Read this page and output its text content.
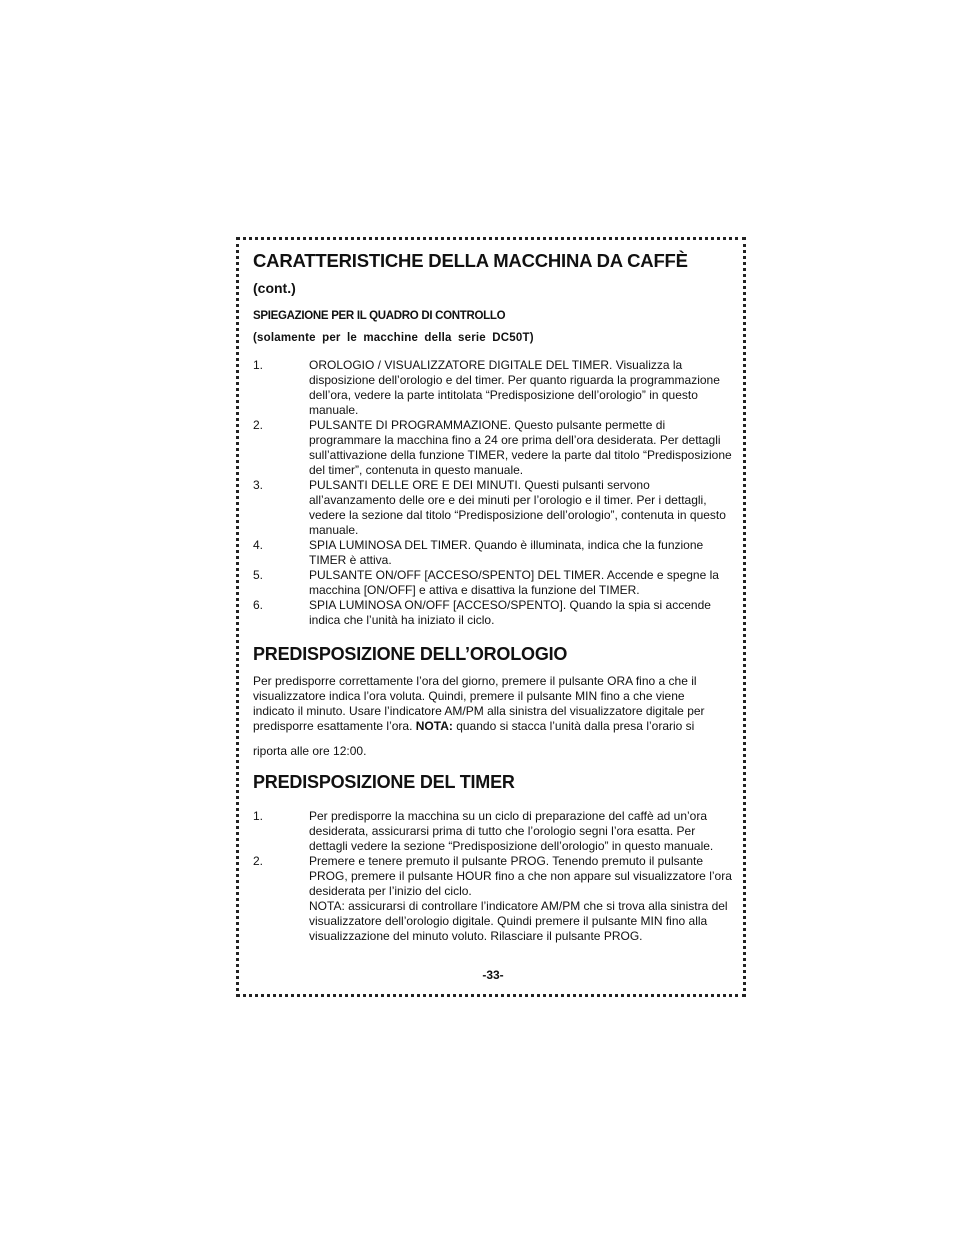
CARATTERISTICHE DELLA MACCHINA DA CAFFÈ
(cont.)
SPIEGAZIONE PER IL QUADRO DI CONTROLLO
(solamente per le macchine della serie DC50T)
1.	OROLOGIO / VISUALIZZATORE DIGITALE DEL TIMER. Visualizza la disposizione dell’orologio e del timer. Per quanto riguarda la programmazione dell’ora, vedere la parte intitolata “Predisposizione dell’orologio” in questo manuale.
2.	PULSANTE DI PROGRAMMAZIONE. Questo pulsante permette di programmare la macchina fino a 24 ore prima dell’ora desiderata. Per dettagli sull’attivazione della funzione TIMER, vedere la parte dal titolo “Predisposizione del timer”, contenuta in questo manuale.
3.	PULSANTI DELLE ORE E DEI MINUTI. Questi pulsanti servono all’avanzamento delle ore e dei minuti per l’orologio e il timer. Per i dettagli, vedere la sezione dal titolo “Predisposizione dell’orologio”, contenuta in questo manuale.
4.	SPIA LUMINOSA DEL TIMER. Quando è illuminata, indica che la funzione TIMER è attiva.
5.	PULSANTE ON/OFF [ACCESO/SPENTO] DEL TIMER. Accende e spegne la macchina [ON/OFF] e attiva e disattiva la funzione del TIMER.
6.	SPIA LUMINOSA ON/OFF [ACCESO/SPENTO]. Quando la spia si accende indica che l’unità ha iniziato il ciclo.
PREDISPOSIZIONE DELL’OROLOGIO

Per predisporre correttamente l’ora del giorno, premere il pulsante ORA fino a che il visualizzatore indica l’ora voluta. Quindi, premere il pulsante MIN fino a che viene indicato il minuto. Usare l’indicatore AM/PM alla sinistra del visualizzatore digitale per predisporre esattamente l’ora. NOTA: quando si stacca l’unità dalla presa l’orario si

riporta alle ore 12:00.

PREDISPOSIZIONE DEL TIMER
1.	Per predisporre la macchina su un ciclo di preparazione del caffè ad un’ora desiderata, assicurarsi prima di tutto che l’orologio segni l’ora esatta. Per dettagli vedere la sezione “Predisposizione dell’orologio” in questo manuale.
2.	Premere e tenere premuto il pulsante PROG. Tenendo premuto il pulsante PROG, premere il pulsante HOUR fino a che non appare sul visualizzatore l’ora desiderata per l’inizio del ciclo.
NOTA: assicurarsi di controllare l’indicatore AM/PM che si trova alla sinistra del visualizzatore dell’orologio digitale. Quindi premere il pulsante MIN fino alla visualizzazione del minuto voluto. Rilasciare il pulsante PROG.
-33-
